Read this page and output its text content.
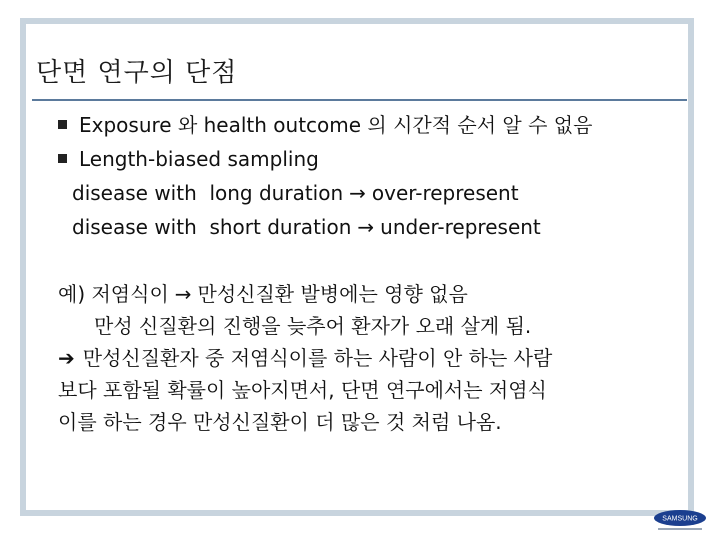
단면 연구의 단점
Exposure 와 health outcome 의 시간적 순서 알 수 없음
Length-biased sampling
disease with  long duration → over-represent
disease with  short duration → under-represent
예) 저염식이 → 만성신질환 발병에는 영향 없음
만성 신질환의 진행을 늦추어 환자가 오래 살게 됨.
➔ 만성신질환자 중 저염식이를 하는 사람이 안 하는 사람
보다 포함될 확률이 높아지면서, 단면 연구에서는 저염식
이를 하는 경우 만성신질환이 더 많은 것 처럼 나옴.
SAMSUNG
